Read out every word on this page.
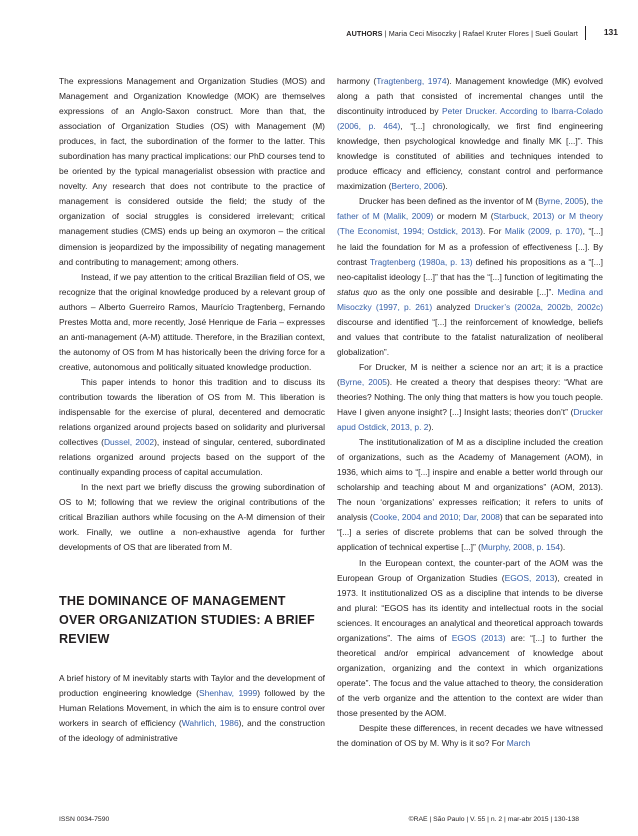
AUTHORS | Maria Ceci Misoczky | Rafael Kruter Flores | Sueli Goulart	131

The expressions Management and Organization Studies (MOS) and Management and Organization Knowledge (MOK) are themselves expressions of an Anglo-Saxon construct. More than that, the association of Organization Studies (OS) with Management (M) produces, in fact, the subordination of the former to the latter. This subordination has many practical implications: our PhD courses tend to be oriented by the typical managerialist obsession with practice and novelty. Any research that does not contribute to the practice of management is considered outside the field; the study of the organization of social struggles is considered irrelevant; critical management studies (CMS) ends up being an oxymoron – the critical dimension is jeopardized by the impossibility of negating management and contributing to management; among others.

Instead, if we pay attention to the critical Brazilian field of OS, we recognize that the original knowledge produced by a relevant group of authors – Alberto Guerreiro Ramos, Maurício Tragtenberg, Fernando Prestes Motta and, more recently, José Henrique de Faria – expresses an anti-management (A-M) attitude. Therefore, in the Brazilian context, the autonomy of OS from M has historically been the driving force for a creative, autonomous and politically situated knowledge production.

This paper intends to honor this tradition and to discuss its contribution towards the liberation of OS from M. This liberation is indispensable for the exercise of plural, decentered and democratic relations organized around projects based on solidarity and pluriversal collectives (Dussel, 2002), instead of singular, centered, subordinated relations organized around projects based on the support of the continually expanding process of capital accumulation.

In the next part we briefly discuss the growing subordination of OS to M; following that we review the original contributions of the critical Brazilian authors while focusing on the A-M dimension of their work. Finally, we outline a non-exhaustive agenda for further developments of OS that are liberated from M.

THE DOMINANCE OF MANAGEMENT OVER ORGANIZATION STUDIES: A BRIEF REVIEW

A brief history of M inevitably starts with Taylor and the development of production engineering knowledge (Shenhav, 1999) followed by the Human Relations Movement, in which the aim is to ensure control over workers in search of efficiency (Wahrlich, 1986), and the construction of the ideology of administrative

harmony (Tragtenberg, 1974). Management knowledge (MK) evolved along a path that consisted of incremental changes until the discontinuity introduced by Peter Drucker. According to Ibarra-Colado (2006, p. 464), “[...] chronologically, we first find engineering knowledge, then psychological knowledge and finally MK [...]”. This knowledge is constituted of abilities and techniques intended to produce efficacy and efficiency, constant control and performance maximization (Bertero, 2006).

Drucker has been defined as the inventor of M (Byrne, 2005), the father of M (Malik, 2009) or modern M (Starbuck, 2013) or M theory (The Economist, 1994; Ostdick, 2013). For Malik (2009, p. 170), “[...] he laid the foundation for M as a profession of effectiveness [...]. By contrast Tragtenberg (1980a, p. 13) defined his propositions as a “[...] neo-capitalist ideology [...]” that has the “[...] function of legitimating the status quo as the only one possible and desirable [...]”. Medina and Misoczky (1997, p. 261) analyzed Drucker’s (2002a, 2002b, 2002c) discourse and identified “[...] the reinforcement of knowledge, beliefs and values that contribute to the fatalist naturalization of neoliberal globalization”.

For Drucker, M is neither a science nor an art; it is a practice (Byrne, 2005). He created a theory that despises theory: “What are theories? Nothing. The only thing that matters is how you touch people. Have I given anyone insight? [...] Insight lasts; theories don’t” (Drucker apud Ostdick, 2013, p. 2).

The institutionalization of M as a discipline included the creation of organizations, such as the Academy of Management (AOM), in 1936, which aims to “[...] inspire and enable a better world through our scholarship and teaching about M and organizations” (AOM, 2013). The noun ‘organizations’ expresses reification; it refers to units of analysis (Cooke, 2004 and 2010; Dar, 2008) that can be separated into “[...] a series of discrete problems that can be solved through the application of technical expertise [...]” (Murphy, 2008, p. 154).

In the European context, the counter-part of the AOM was the European Group of Organization Studies (EGOS, 2013), created in 1973. It institutionalized OS as a discipline that intends to be diverse and plural: “EGOS has its identity and intellectual roots in the social sciences. It encourages an analytical and theoretical approach towards organizations”. The aims of EGOS (2013) are: “[...] to further the theoretical and/or empirical advancement of knowledge about organization, organizing and the context in which organizations operate”. The focus and the value attached to theory, the consideration of the verb organize and the attention to the context are wider than those presented by the AOM.

Despite these differences, in recent decades we have witnessed the domination of OS by M. Why is it so? For March

ISSN 0034-7590	©RAE | São Paulo | V. 55 | n. 2 | mar-abr 2015 | 130-138
